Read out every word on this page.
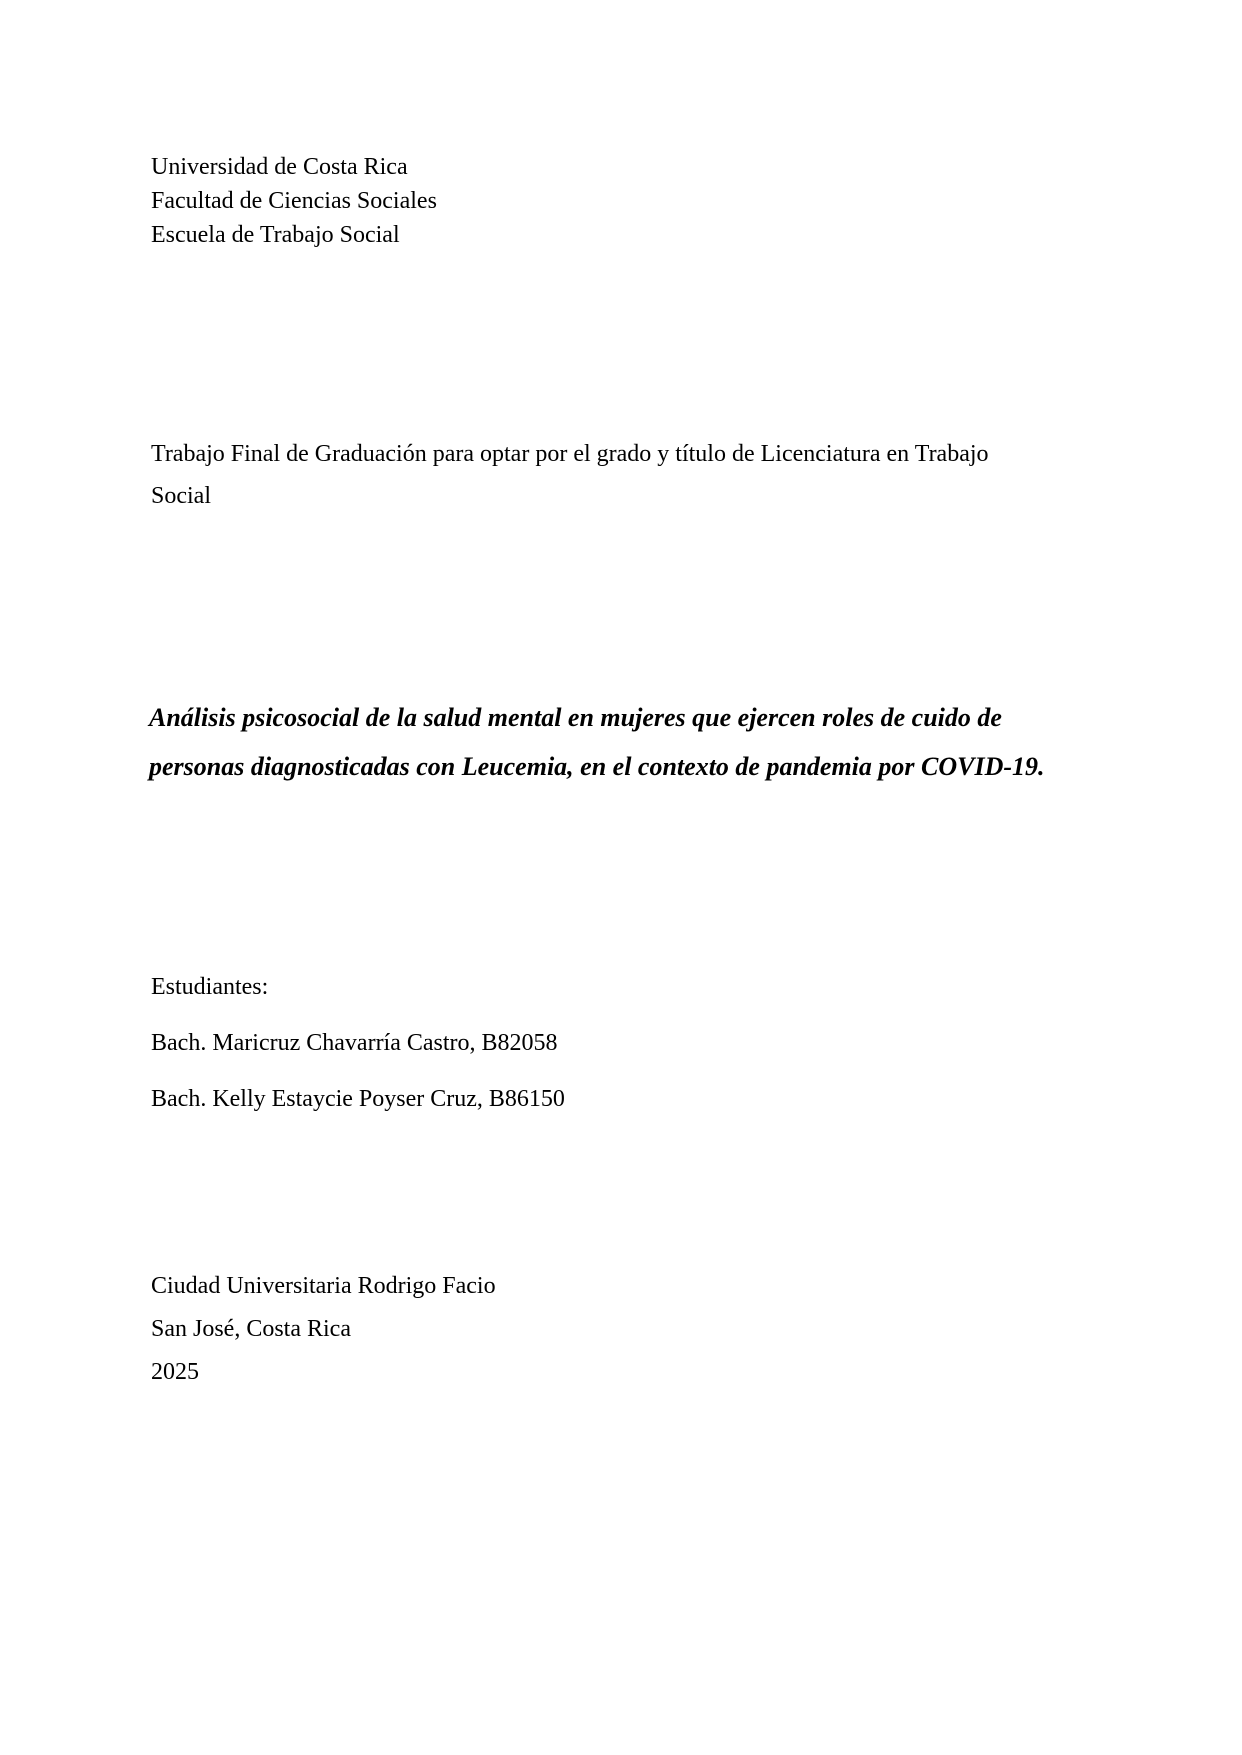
Universidad de Costa Rica
Facultad de Ciencias Sociales
Escuela de Trabajo Social
Trabajo Final de Graduación para optar por el grado y título de Licenciatura en Trabajo
Social
Análisis psicosocial de la salud mental en mujeres que ejercen roles de cuido de
personas diagnosticadas con Leucemia, en el contexto de pandemia por COVID-19.
Estudiantes:
Bach. Maricruz Chavarría Castro, B82058
Bach. Kelly Estaycie Poyser Cruz, B86150
Ciudad Universitaria Rodrigo Facio
San José, Costa Rica
2025
